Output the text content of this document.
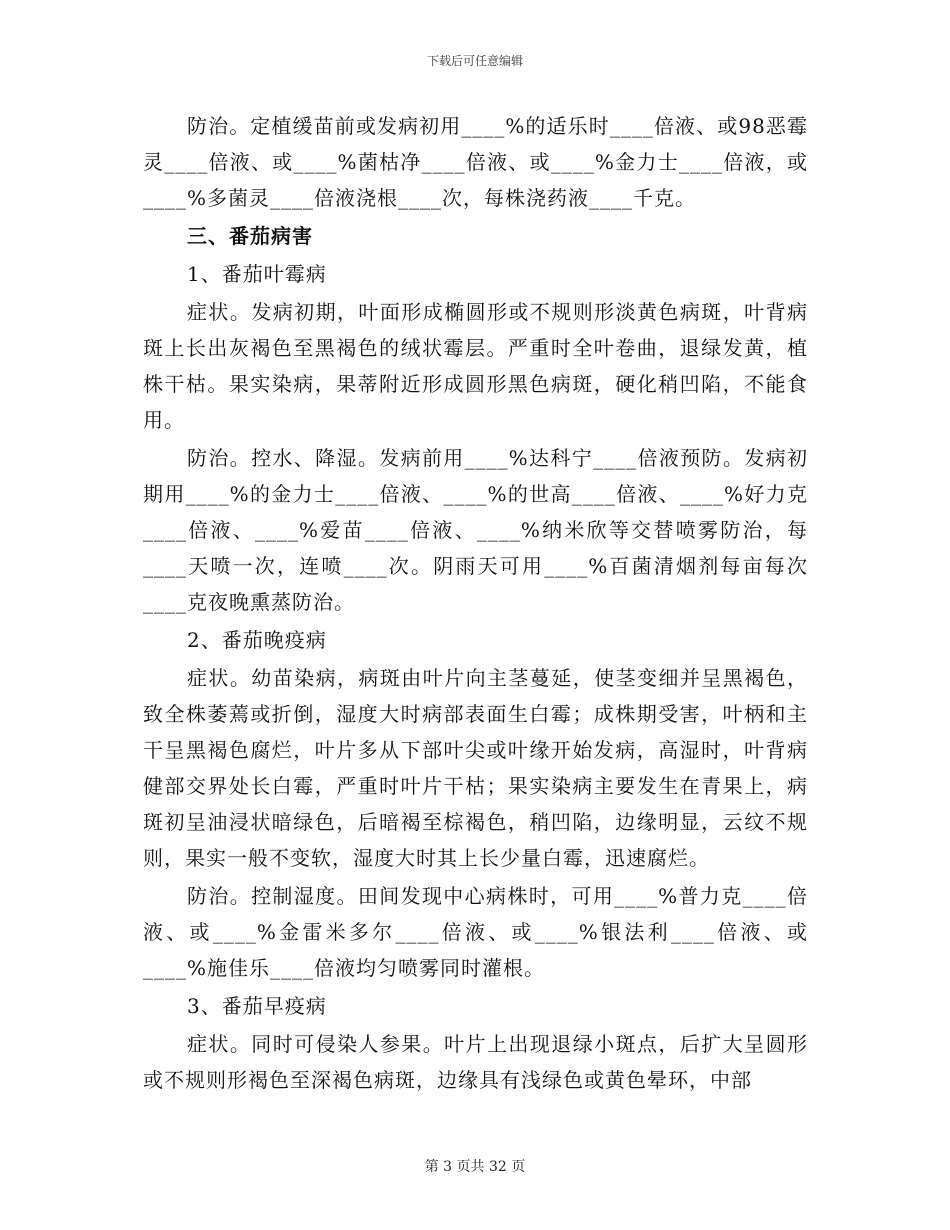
下载后可任意编辑

防治。定植缓苗前或发病初用____%的适乐时____倍液、或98恶霉灵____倍液、或____%菌枯净____倍液、或____%金力士____倍液，或____%多菌灵____倍液浇根____次，每株浇药液____千克。

三、番茄病害

1、番茄叶霉病

症状。发病初期，叶面形成椭圆形或不规则形淡黄色病斑，叶背病斑上长出灰褐色至黑褐色的绒状霉层。严重时全叶卷曲，退绿发黄，植株干枯。果实染病，果蒂附近形成圆形黑色病斑，硬化稍凹陷，不能食用。

防治。控水、降湿。发病前用____%达科宁____倍液预防。发病初期用____%的金力士____倍液、____%的世高____倍液、____%好力克____倍液、____%爱苗____倍液、____%纳米欣等交替喷雾防治，每____天喷一次，连喷____次。阴雨天可用____%百菌清烟剂每亩每次____克夜晚熏蒸防治。

2、番茄晚疫病

症状。幼苗染病，病斑由叶片向主茎蔓延，使茎变细并呈黑褐色，致全株萎蔫或折倒，湿度大时病部表面生白霉；成株期受害，叶柄和主干呈黑褐色腐烂，叶片多从下部叶尖或叶缘开始发病，高湿时，叶背病健部交界处长白霉，严重时叶片干枯；果实染病主要发生在青果上，病斑初呈油浸状暗绿色，后暗褐至棕褐色，稍凹陷，边缘明显，云纹不规则，果实一般不变软，湿度大时其上长少量白霉，迅速腐烂。

防治。控制湿度。田间发现中心病株时，可用____%普力克____倍液、或____%金雷米多尔____倍液、或____%银法利____倍液、或____%施佳乐____倍液均匀喷雾同时灌根。

3、番茄早疫病

症状。同时可侵染人参果。叶片上出现退绿小斑点，后扩大呈圆形或不规则形褐色至深褐色病斑，边缘具有浅绿色或黄色晕环，中部

第 3 页共 32 页
